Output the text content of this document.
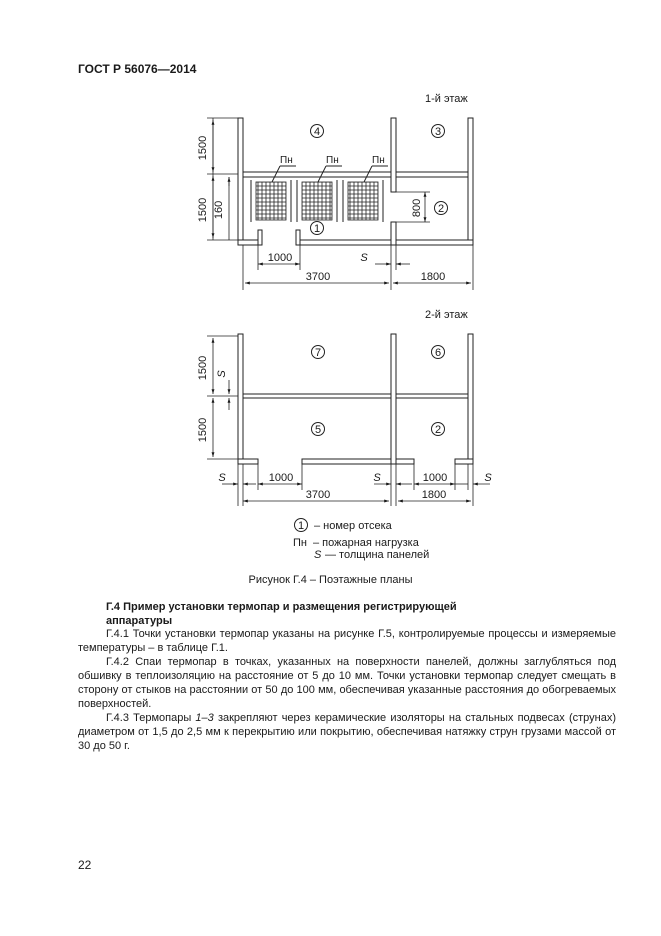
ГОСТ Р 56076—2014
1-й этаж
Пн	Пн	Пн
4	3
1
2
1500
1500 160	800
1000	S
3700	1800
2-й этаж
7	6
5	2
1500
1500
S
S	1000	S	1000	S
3700	1800
1 – номер отсека
Пн – пожарная нагрузка
S — толщина панелей
Рисунок Г.4 – Поэтажные планы
Г.4 Пример установки термопар и размещения регистрирующей
аппаратуры
Г.4.1 Точки установки термопар указаны на рисунке Г.5, контролируемые процессы и измеряемые температуры – в таблице Г.1.
Г.4.2 Спаи термопар в точках, указанных на поверхности панелей, должны заглубляться под обшивку в теплоизоляцию на расстояние от 5 до 10 мм. Точки установки термопар следует смещать в сторону от стыков на расстоянии от 50 до 100 мм, обеспечивая указанные расстояния до обогреваемых поверхностей.
Г.4.3 Термопары 1–3 закрепляют через керамические изоляторы на стальных подвесах (струнах) диаметром от 1,5 до 2,5 мм к перекрытию или покрытию, обеспечивая натяжку струн грузами массой от 30 до 50 г.
22
